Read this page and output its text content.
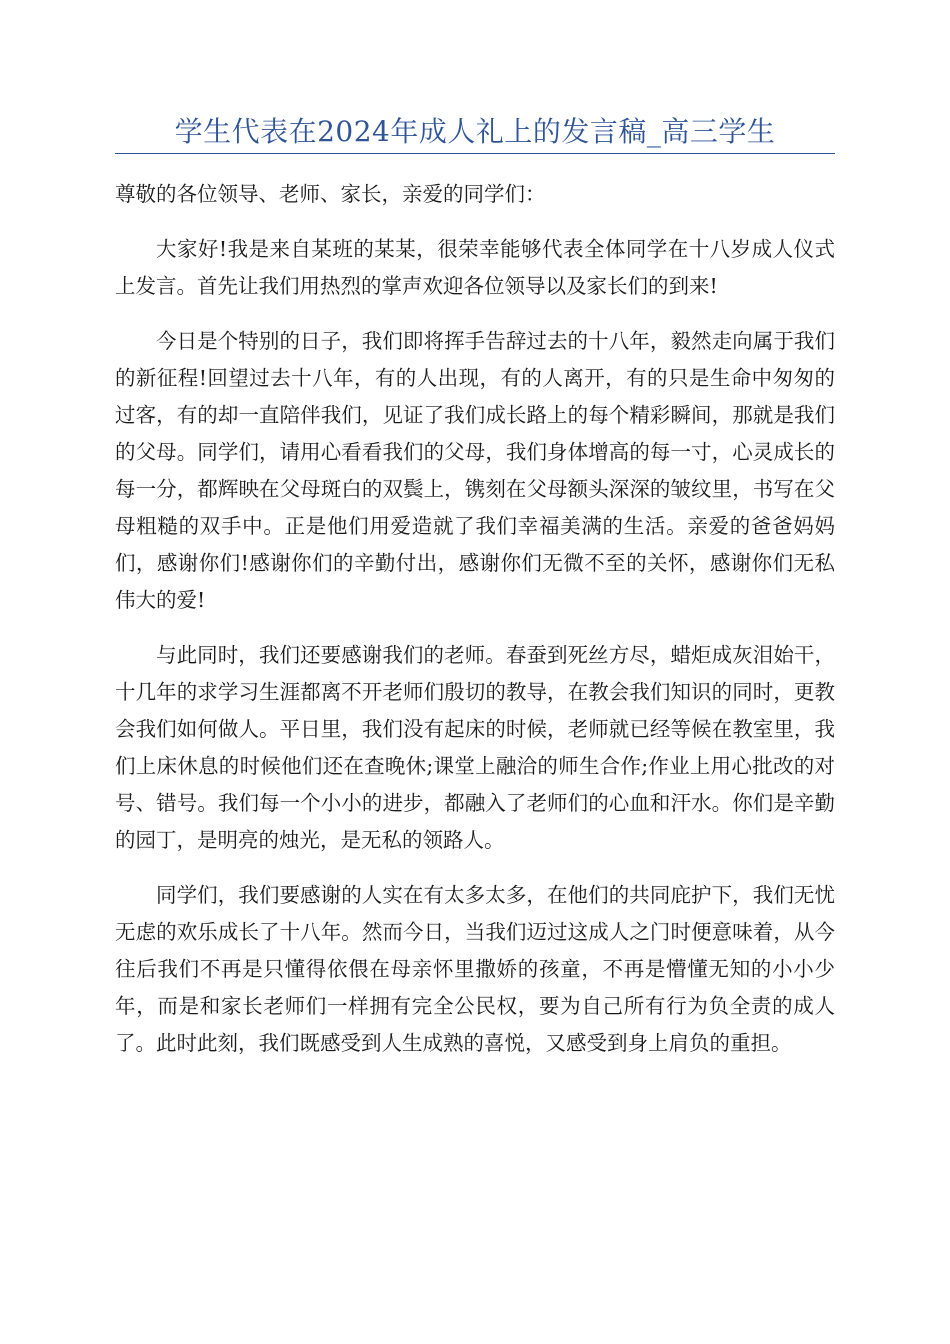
学生代表在2024年成人礼上的发言稿_高三学生

尊敬的各位领导、老师、家长，亲爱的同学们：

大家好!我是来自某班的某某，很荣幸能够代表全体同学在十八岁成人仪式上发言。首先让我们用热烈的掌声欢迎各位领导以及家长们的到来!

今日是个特别的日子，我们即将挥手告辞过去的十八年，毅然走向属于我们的新征程!回望过去十八年，有的人出现，有的人离开，有的只是生命中匆匆的过客，有的却一直陪伴我们，见证了我们成长路上的每个精彩瞬间，那就是我们的父母。同学们，请用心看看我们的父母，我们身体增高的每一寸，心灵成长的每一分，都辉映在父母斑白的双鬓上，镌刻在父母额头深深的皱纹里，书写在父母粗糙的双手中。正是他们用爱造就了我们幸福美满的生活。亲爱的爸爸妈妈们，感谢你们!感谢你们的辛勤付出，感谢你们无微不至的关怀，感谢你们无私伟大的爱!

与此同时，我们还要感谢我们的老师。春蚕到死丝方尽，蜡炬成灰泪始干，十几年的求学习生涯都离不开老师们殷切的教导，在教会我们知识的同时，更教会我们如何做人。平日里，我们没有起床的时候，老师就已经等候在教室里，我们上床休息的时候他们还在查晚休;课堂上融洽的师生合作;作业上用心批改的对号、错号。我们每一个小小的进步，都融入了老师们的心血和汗水。你们是辛勤的园丁，是明亮的烛光，是无私的领路人。

同学们，我们要感谢的人实在有太多太多，在他们的共同庇护下，我们无忧无虑的欢乐成长了十八年。然而今日，当我们迈过这成人之门时便意味着，从今往后我们不再是只懂得依偎在母亲怀里撒娇的孩童，不再是懵懂无知的小小少年，而是和家长老师们一样拥有完全公民权，要为自己所有行为负全责的成人了。此时此刻，我们既感受到人生成熟的喜悦，又感受到身上肩负的重担。
